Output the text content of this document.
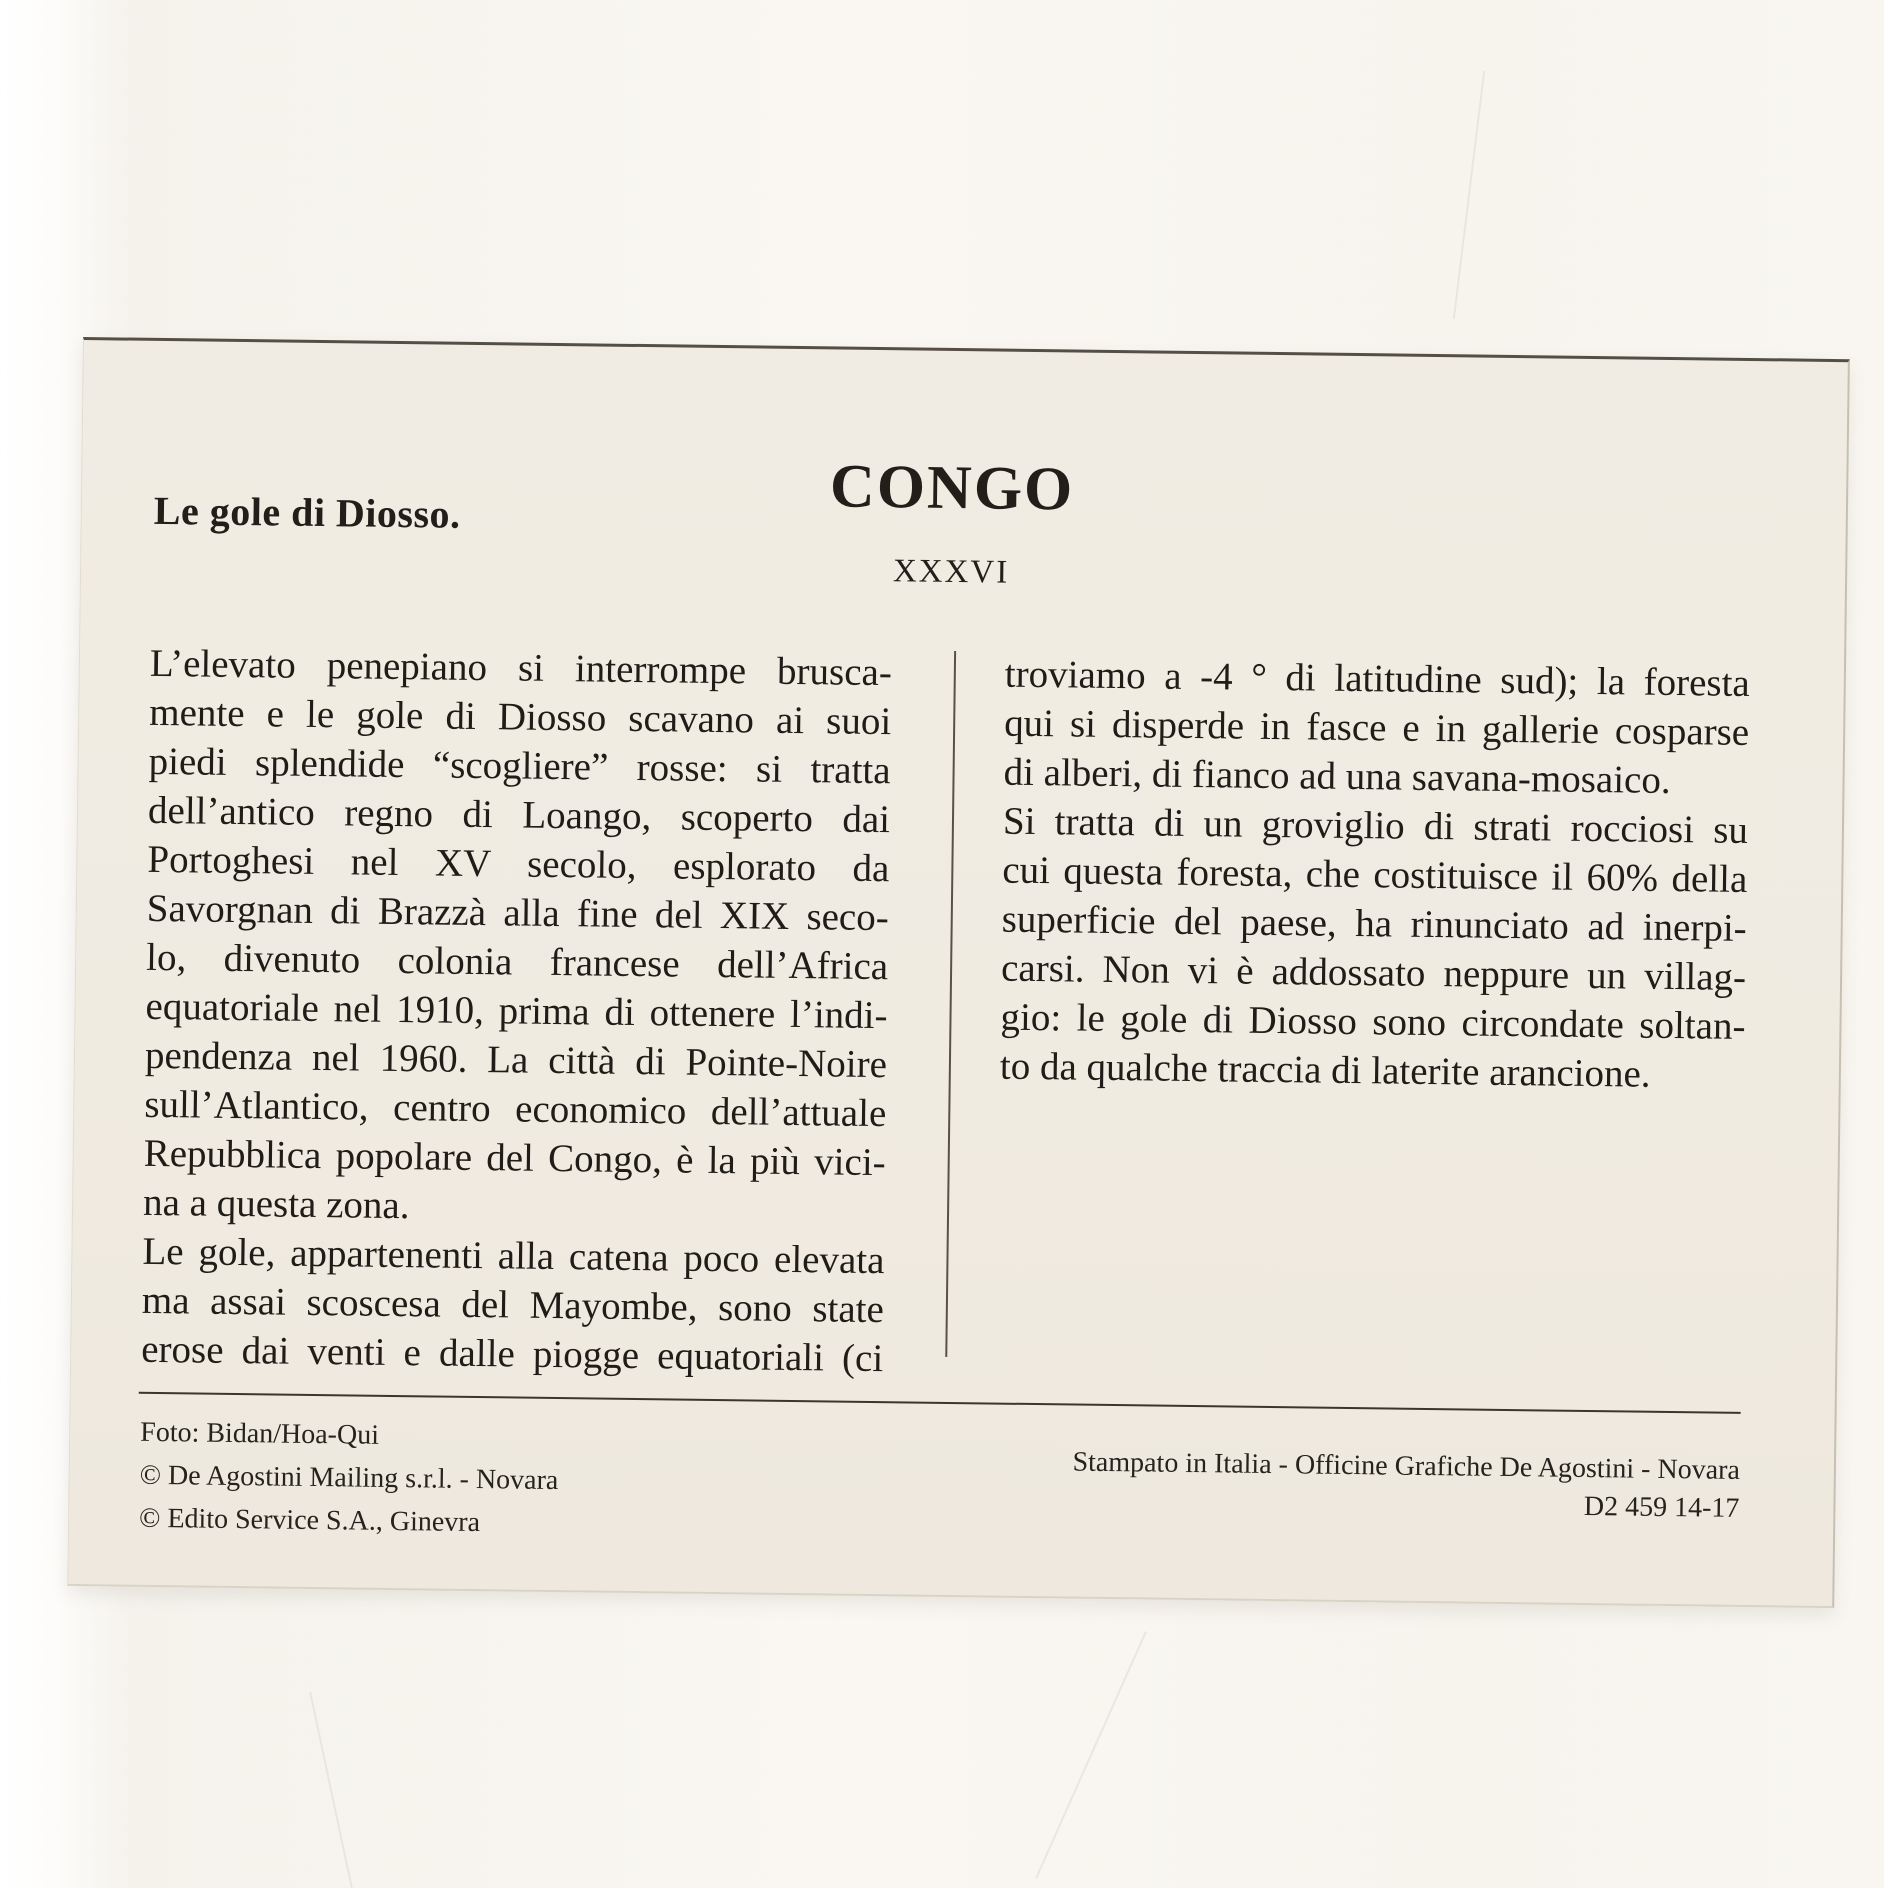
Le gole di Diosso.	CONGO
XXXVI
L’elevato penepiano si interrompe brusca-
mente e le gole di Diosso scavano ai suoi
piedi splendide “scogliere” rosse: si tratta
dell’antico regno di Loango, scoperto dai
Portoghesi nel XV secolo, esplorato da
Savorgnan di Brazzà alla fine del XIX seco-
lo, divenuto colonia francese dell’Africa
equatoriale nel 1910, prima di ottenere l’indi-
pendenza nel 1960. La città di Pointe-Noire
sull’Atlantico, centro economico dell’attuale
Repubblica popolare del Congo, è la più vici-
na a questa zona.
Le gole, appartenenti alla catena poco elevata
ma assai scoscesa del Mayombe, sono state
erose dai venti e dalle piogge equatoriali (ci
troviamo a -4 ° di latitudine sud); la foresta
qui si disperde in fasce e in gallerie cosparse
di alberi, di fianco ad una savana-mosaico.
Si tratta di un groviglio di strati rocciosi su
cui questa foresta, che costituisce il 60% della
superficie del paese, ha rinunciato ad inerpi-
carsi. Non vi è addossato neppure un villag-
gio: le gole di Diosso sono circondate soltan-
to da qualche traccia di laterite arancione.
Foto: Bidan/Hoa-Qui
© De Agostini Mailing s.r.l. - Novara
© Edito Service S.A., Ginevra
Stampato in Italia - Officine Grafiche De Agostini - Novara
D2 459 14-17
